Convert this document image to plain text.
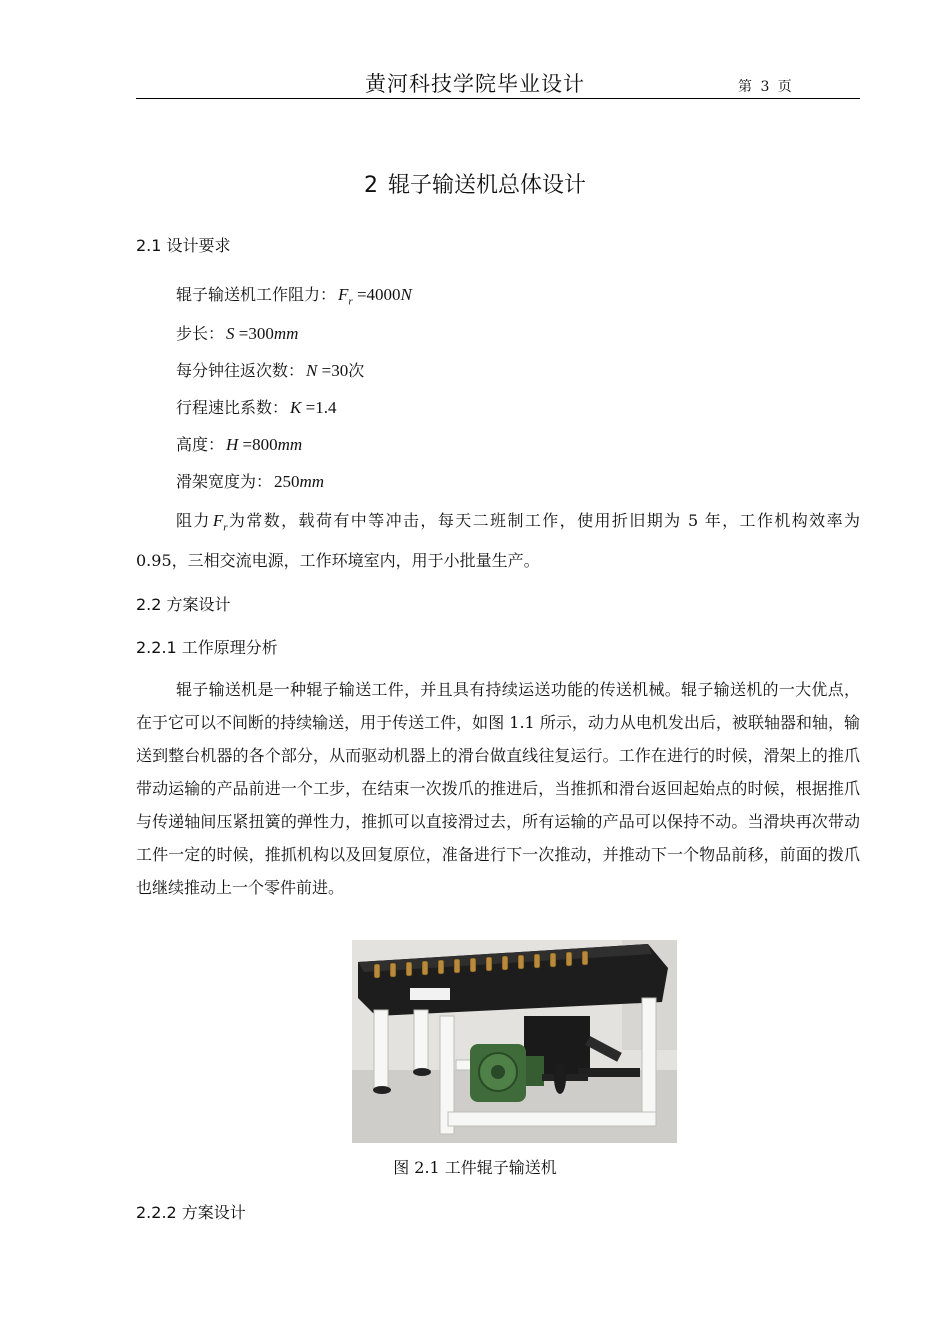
黄河科技学院毕业设计	第 3 页
2 辊子输送机总体设计
2.1 设计要求
辊子输送机工作阻力： $F_r =4000N$
步长： S =300mm
每分钟往返次数： N =30次
行程速比系数： K =1.4
高度： H =800mm
滑架宽度为： 250mm

阻力 $F_r$为常数，载荷有中等冲击，每天二班制工作，使用折旧期为 5 年，工作机构效率为 0.95，三相交流电源，工作环境室内，用于小批量生产。

2.2 方案设计
2.2.1 工作原理分析

辊子输送机是一种辊子输送工件，并且具有持续运送功能的传送机械。辊子输送机的一大优点，在于它可以不间断的持续输送，用于传送工件，如图 1.1 所示，动力从电机发出后，被联轴器和轴，输送到整台机器的各个部分，从而驱动机器上的滑台做直线往复运行。工作在进行的时候，滑架上的推爪带动运输的产品前进一个工步，在结束一次拨爪的推进后，当推抓和滑台返回起始点的时候，根据推爪与传递轴间压紧扭簧的弹性力，推抓可以直接滑过去，所有运输的产品可以保持不动。当滑块再次带动工件一定的时候，推抓机构以及回复原位，准备进行下一次推动，并推动下一个物品前移，前面的拨爪也继续推动上一个零件前进。

图 2.1 工件辊子输送机
2.2.2 方案设计
